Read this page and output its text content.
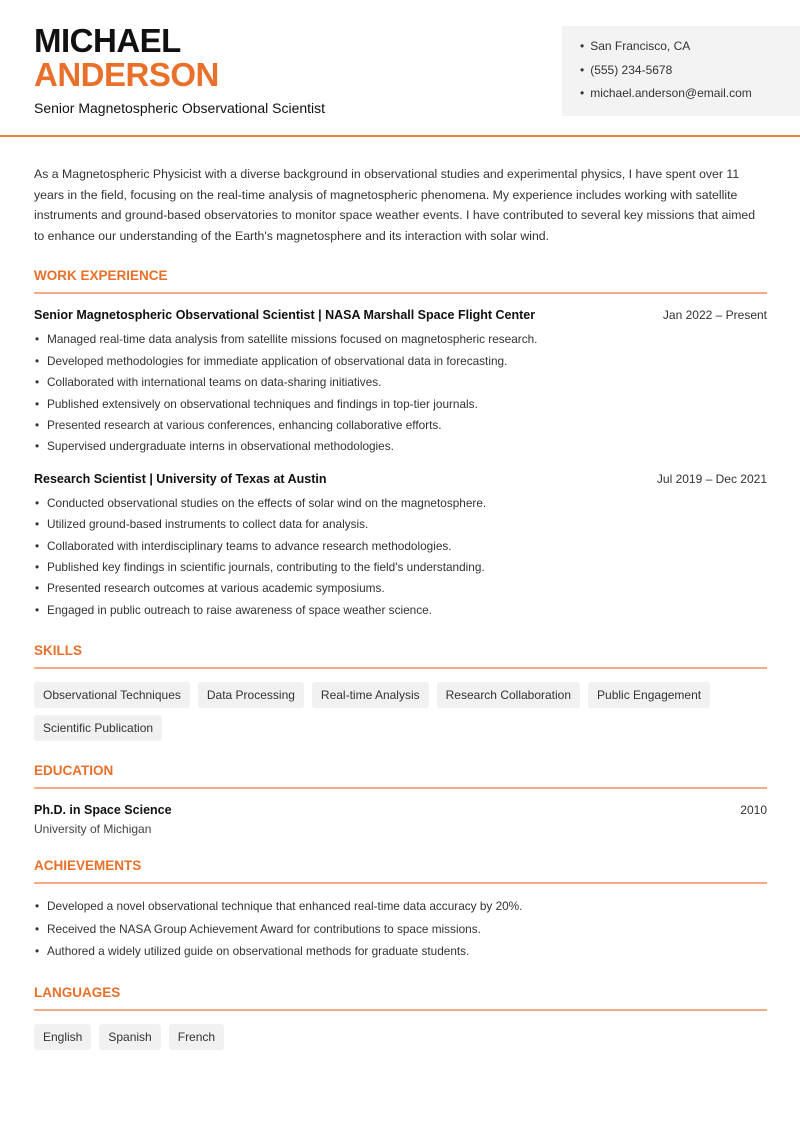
MICHAEL
ANDERSON
Senior Magnetospheric Observational Scientist
• San Francisco, CA
• (555) 234-5678
• michael.anderson@email.com

As a Magnetospheric Physicist with a diverse background in observational studies and experimental physics, I have spent over 11 years in the field, focusing on the real-time analysis of magnetospheric phenomena. My experience includes working with satellite instruments and ground-based observatories to monitor space weather events. I have contributed to several key missions that aimed to enhance our understanding of the Earth's magnetosphere and its interaction with solar wind.

WORK EXPERIENCE
Senior Magnetospheric Observational Scientist | NASA Marshall Space Flight Center	Jan 2022 – Present
• Managed real-time data analysis from satellite missions focused on magnetospheric research.
• Developed methodologies for immediate application of observational data in forecasting.
• Collaborated with international teams on data-sharing initiatives.
• Published extensively on observational techniques and findings in top-tier journals.
• Presented research at various conferences, enhancing collaborative efforts.
• Supervised undergraduate interns in observational methodologies.
Research Scientist | University of Texas at Austin	Jul 2019 – Dec 2021
• Conducted observational studies on the effects of solar wind on the magnetosphere.
• Utilized ground-based instruments to collect data for analysis.
• Collaborated with interdisciplinary teams to advance research methodologies.
• Published key findings in scientific journals, contributing to the field's understanding.
• Presented research outcomes at various academic symposiums.
• Engaged in public outreach to raise awareness of space weather science.
SKILLS
Observational Techniques	Data Processing	Real-time Analysis	Research Collaboration	Public Engagement
Scientific Publication
EDUCATION
Ph.D. in Space Science	2010
University of Michigan
ACHIEVEMENTS
• Developed a novel observational technique that enhanced real-time data accuracy by 20%.
• Received the NASA Group Achievement Award for contributions to space missions.
• Authored a widely utilized guide on observational methods for graduate students.
LANGUAGES
English	Spanish	French
